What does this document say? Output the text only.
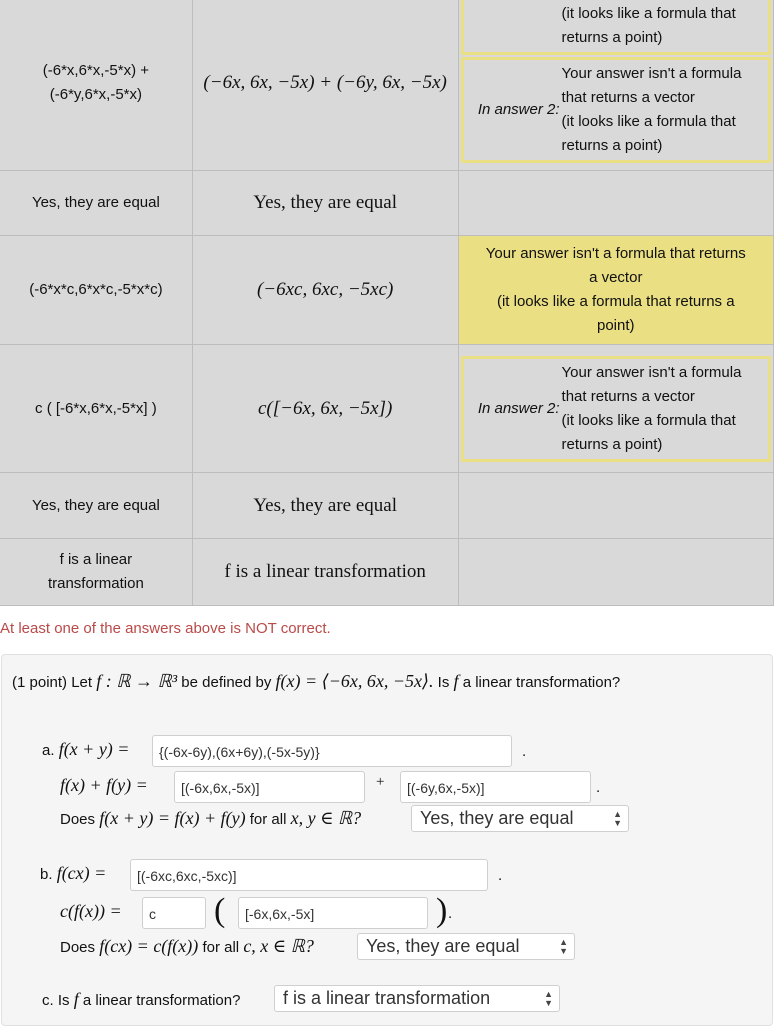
(-6*x,6*x,-5*x) + (-6*y,6*x,-5*x)	(−6x, 6x, −5x) + (−6y, 6x, −5x)	(it looks like a formula that returns a point)
In answer 2:
Your answer isn't a formula that returns a vector
(it looks like a formula that returns a point)

Yes, they are equal	Yes, they are equal	
(-6*x*c,6*x*c,-5*x*c)	(−6xc, 6xc, −5xc)	Your answer isn't a formula that returns
a vector
(it looks like a formula that returns a
point)

c ( [-6*x,6*x,-5*x] )	c([−6x, 6x, −5x])	In answer 2:
Your answer isn't a formula that returns a vector
(it looks like a formula that returns a point)

Yes, they are equal	Yes, they are equal	

f is a linear transformation	f is a linear transformation	
At least one of the answers above is NOT correct.
(1 point) Let f : ℝ → ℝ³ be defined by f(x) = ⟨−6x, 6x, −5x⟩. Is f a linear transformation?
a. f(x + y) =	{(-6x-6y),(6x+6y),(-5x-5y)}	.
f(x) + f(y) =	[(-6x,6x,-5x)]	+	[(-6y,6x,-5x)]	.
Does f(x + y) = f(x) + f(y) for all x, y ∈ ℝ?	Yes, they are equal	▲
▼
b. f(cx) =	[(-6xc,6xc,-5xc)]	.
c(f(x)) =	c	(	[-6x,6x,-5x]	) .
Does f(cx) = c(f(x)) for all c, x ∈ ℝ?	Yes, they are equal	▲
▼
c. Is f a linear transformation?	f is a linear transformation	▲
▼
